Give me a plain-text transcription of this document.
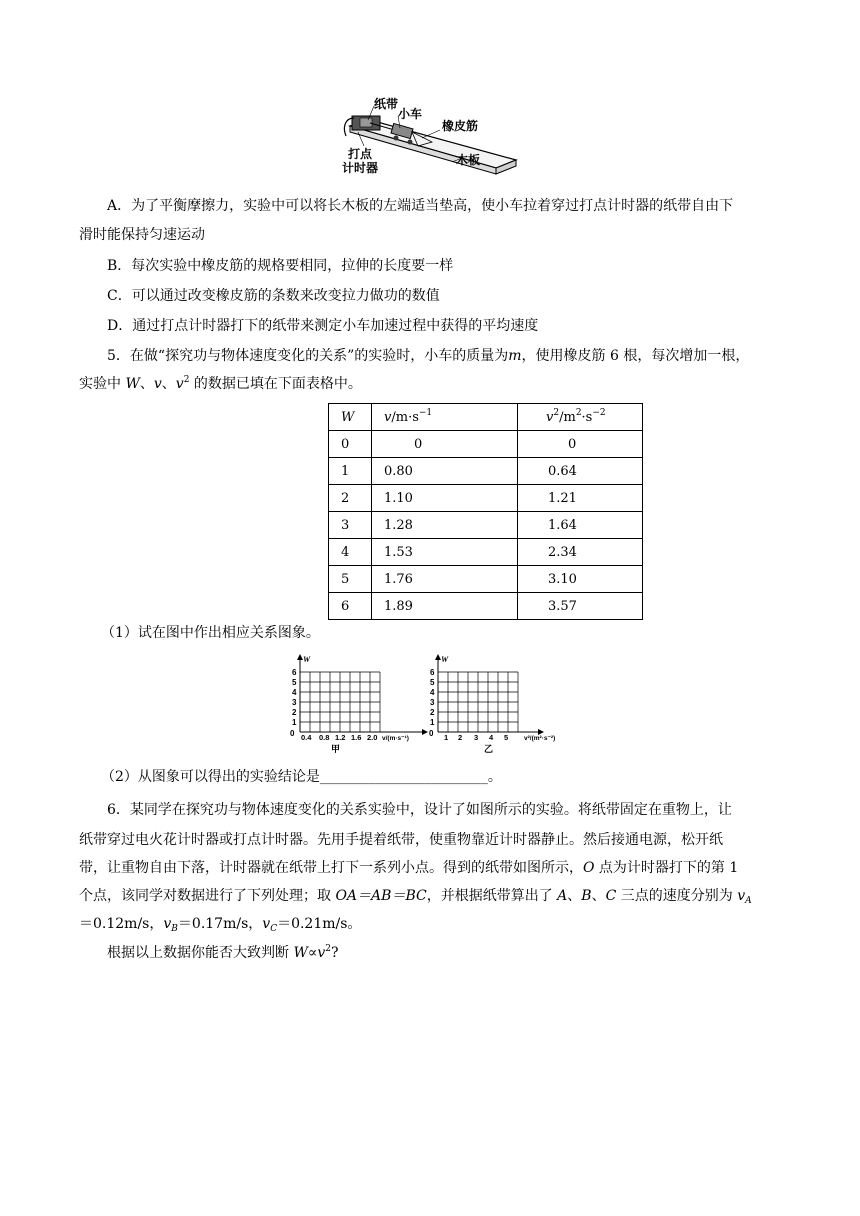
纸带
小车
橡皮筋
木板
打点
计时器
A．为了平衡摩擦力，实验中可以将长木板的左端适当垫高，使小车拉着穿过打点计时器的纸带自由下
滑时能保持匀速运动
B．每次实验中橡皮筋的规格要相同，拉伸的长度要一样
C．可以通过改变橡皮筋的条数来改变拉力做功的数值
D．通过打点计时器打下的纸带来测定小车加速过程中获得的平均速度
5．在做“探究功与物体速度变化的关系”的实验时，小车的质量为m，使用橡皮筋 6 根，每次增加一根，
实验中 W、v、$v^2$ 的数据已填在下面表格中。
W	$v/m\cdot s^{-1}$	$v^2/m^2\cdot s^{-2}$
0	0	0
1	0.80	0.64
2	1.10	1.21
3	1.28	1.64
4	1.53	2.34
5	1.76	3.10
6	1.89	3.57
（1）试在图中作出相应关系图象。
W
0
1
2
3
4
5
6
0.4 0.8 1.2 1.6 2.0 v/(m·s⁻¹)
甲
W
0
1
2
3
4
5
6
1 2 3 4 5 v²/(m²·s⁻²)
乙
（2）从图象可以得出的实验结论是________________________。
6．某同学在探究功与物体速度变化的关系实验中，设计了如图所示的实验。将纸带固定在重物上，让
纸带穿过电火花计时器或打点计时器。先用手提着纸带，使重物靠近计时器静止。然后接通电源，松开纸
带，让重物自由下落，计时器就在纸带上打下一系列小点。得到的纸带如图所示，O 点为计时器打下的第 1
个点，该同学对数据进行了下列处理；取 OA＝AB＝BC，并根据纸带算出了 A、B、C 三点的速度分别为 $v_A$
＝0.12m/s，$v_B=0.17m/s$，$v_C=0.21m/s$。
根据以上数据你能否大致判断 $W\propto v^2$?
